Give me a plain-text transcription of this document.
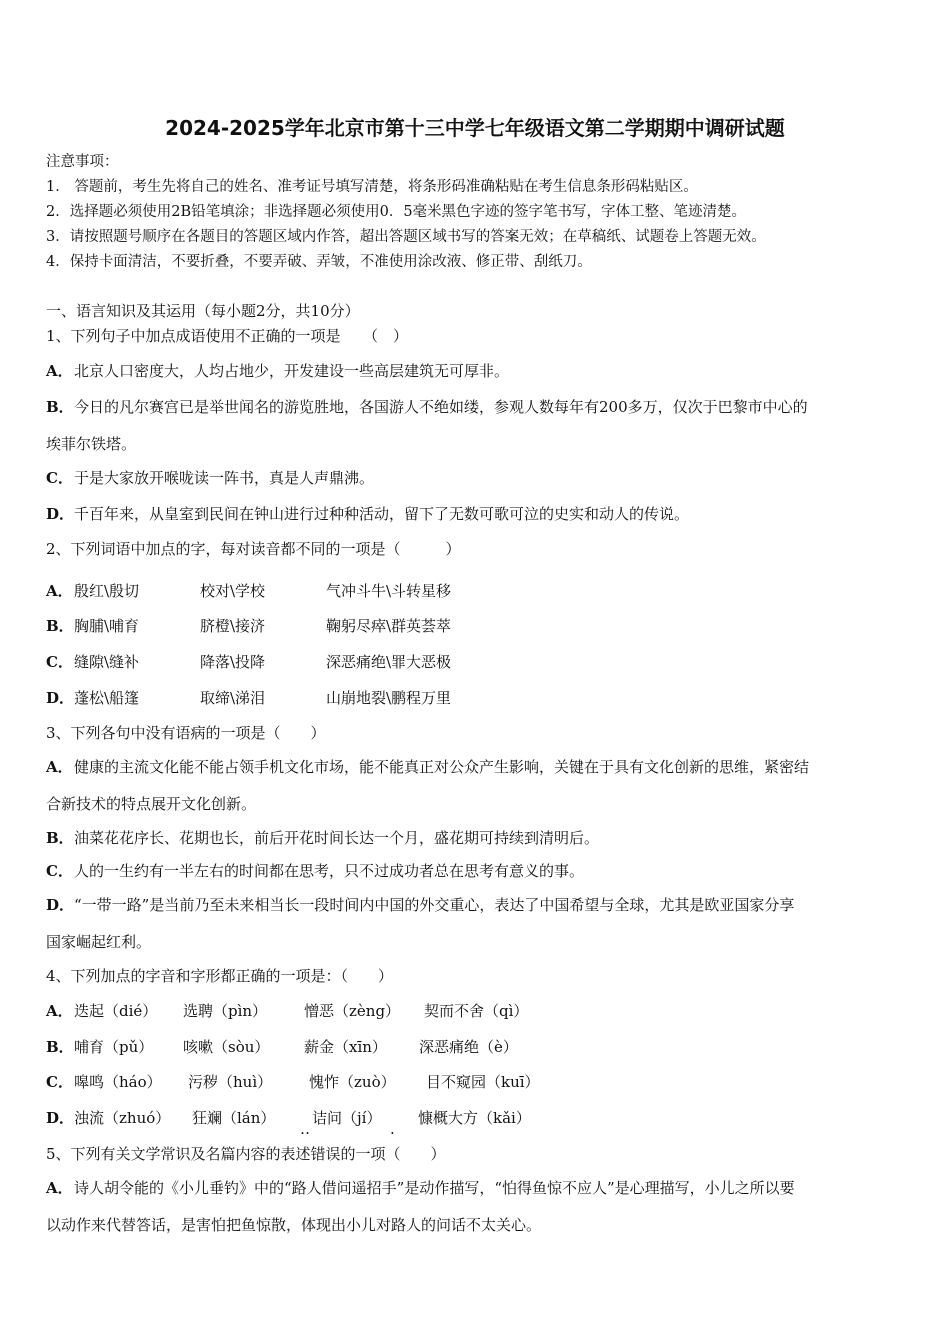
2024-2025学年北京市第十三中学七年级语文第二学期期中调研试题
注意事项：
1． 答题前，考生先将自己的姓名、准考证号填写清楚，将条形码准确粘贴在考生信息条形码粘贴区。
2．选择题必须使用2B铅笔填涂；非选择题必须使用0．5毫米黑色字迹的签字笔书写，字体工整、笔迹清楚。
3．请按照题号顺序在各题目的答题区域内作答，超出答题区域书写的答案无效；在草稿纸、试题卷上答题无效。
4．保持卡面清洁，不要折叠，不要弄破、弄皱，不准使用涂改液、修正带、刮纸刀。
一、语言知识及其运用（每小题2分，共10分）
1、下列句子中加点成语使用不正确的一项是　　（　）
A．北京人口密度大，人均占地少，开发建设一些高层建筑无可厚非。
B．今日的凡尔赛宫已是举世闻名的游览胜地，各国游人不绝如缕，参观人数每年有200多万，仅次于巴黎市中心的
埃菲尔铁塔。
C．于是大家放开喉咙读一阵书，真是人声鼎沸。
D．千百年来，从皇室到民间在钟山进行过种种活动，留下了无数可歌可泣的史实和动人的传说。
2、下列词语中加点的字，每对读音都不同的一项是（　　　）
A． 殷红\殷切	校对\学校	气冲斗牛\斗转星移
B． 胸脯\哺育	脐橙\接济	鞠躬尽瘁\群英荟萃
C． 缝隙\缝补	降落\投降	深恶痛绝\罪大恶极
D． 蓬松\船篷	取缔\涕泪	山崩地裂\鹏程万里
3、下列各句中没有语病的一项是（　　）
A．健康的主流文化能不能占领手机文化市场，能不能真正对公众产生影响，关键在于具有文化创新的思维，紧密结
合新技术的特点展开文化创新。
B．油菜花花序长、花期也长，前后开花时间长达一个月，盛花期可持续到清明后。
C．人的一生约有一半左右的时间都在思考，只不过成功者总在思考有意义的事。
D．“一带一路”是当前乃至未来相当长一段时间内中国的外交重心，表达了中国希望与全球，尤其是欧亚国家分享
国家崛起红利。
4、下列加点的字音和字形都正确的一项是：（　　）
A． 迭起（dié） 选聘（pìn） 憎恶（zèng） 契而不舍（qì）
B． 哺育（pǔ） 咳嗽（sòu） 薪金（xīn） 深恶痛绝（è）
C． 嗥鸣（háo） 污秽（huì） 愧怍（zuò） 目不窥园（kuī）
D． 浊流（zhuó） 狂斓（lán） 诘问（jí） 慷概大方（kǎi）
‥	.
5、下列有关文学常识及名篇内容的表述错误的一项（　　）
A．诗人胡令能的《小儿垂钓》中的“路人借问遥招手”是动作描写，“怕得鱼惊不应人”是心理描写，小儿之所以要
以动作来代替答话，是害怕把鱼惊散，体现出小儿对路人的问话不太关心。
